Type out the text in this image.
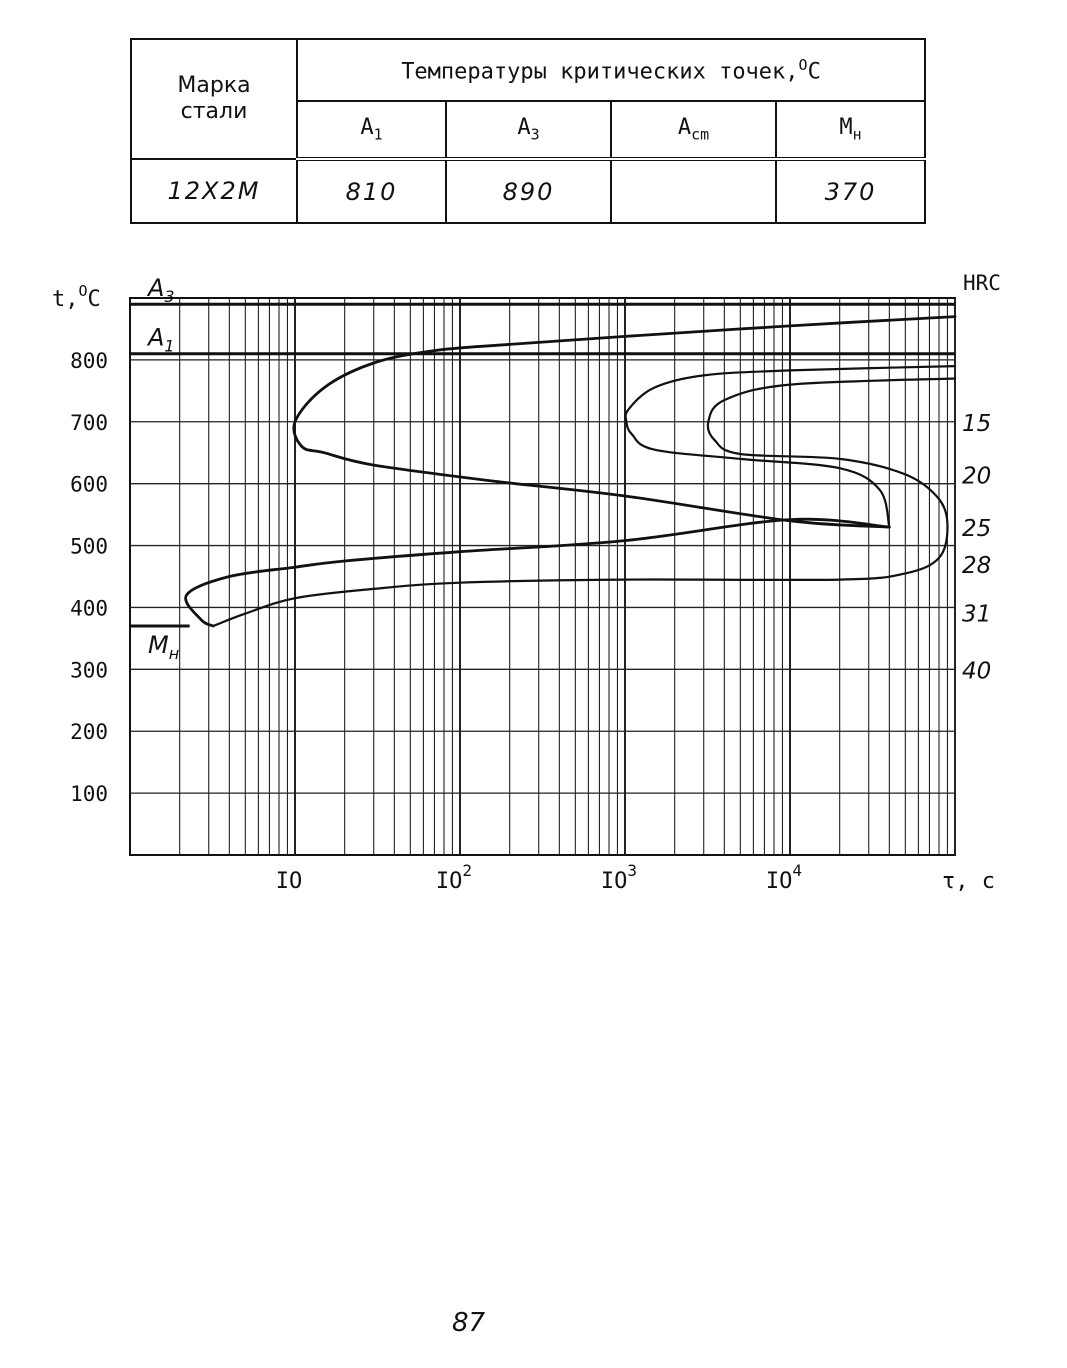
Марка
стали	Температуры критических точек,$^O$C			
	$A_1$	$A_3$	$A_{cm}$	$M_н$
12Х2М	810	890		370
$A_3$
$A_1$
$M_н$
100
200
300
400
500
600
700
800
IO	$IO^2$	$IO^3$	$IO^4$
t,$^O$C
τ, с
HRC
15
20
25
28
31
40
87
